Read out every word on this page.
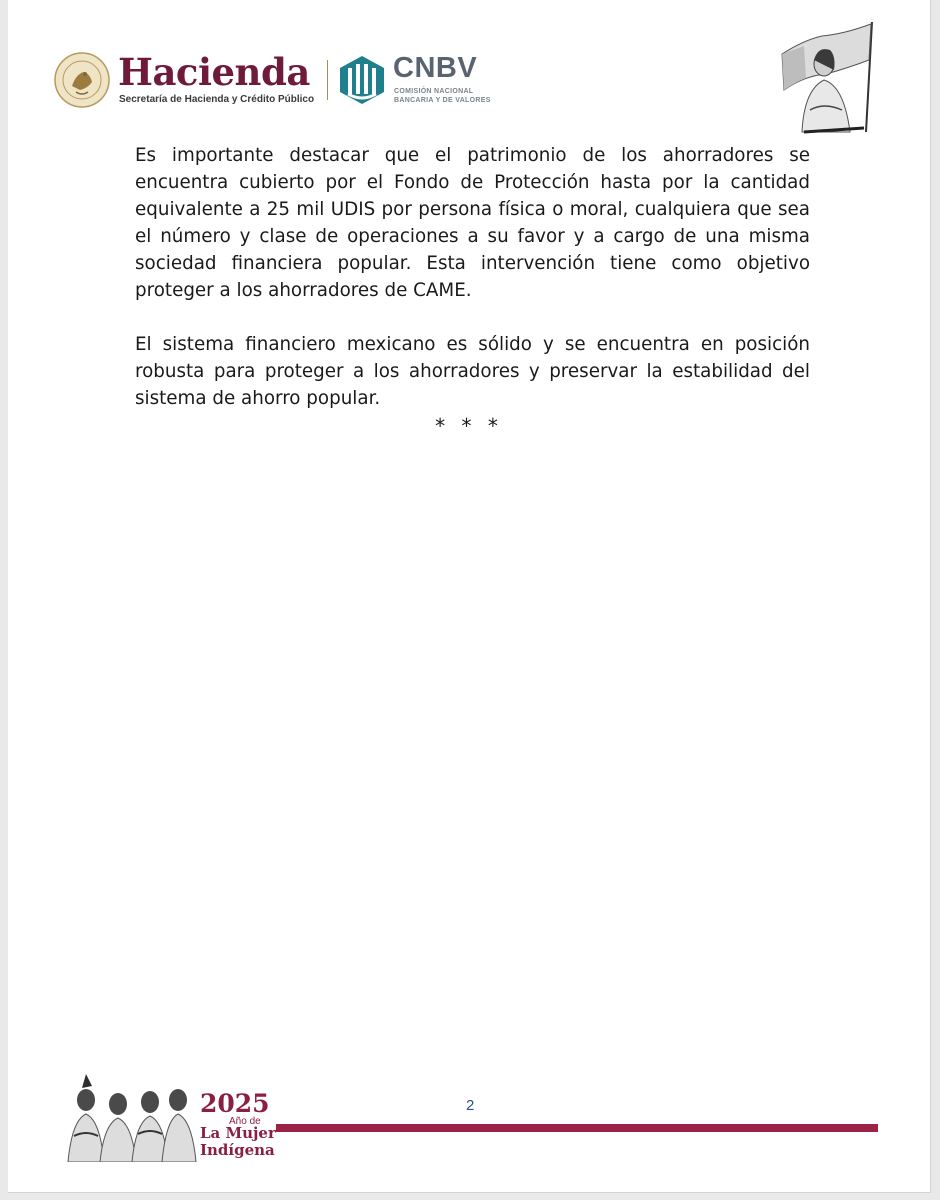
Hacienda
Secretaría de Hacienda y Crédito Público
CNBV
COMISIÓN NACIONAL
BANCARIA Y DE VALORES

Es importante destacar que el patrimonio de los ahorradores se encuentra cubierto por el Fondo de Protección hasta por la cantidad equivalente a 25 mil UDIS por persona física o moral, cualquiera que sea el número y clase de operaciones a su favor y a cargo de una misma sociedad financiera popular. Esta intervención tiene como objetivo proteger a los ahorradores de CAME.

El sistema financiero mexicano es sólido y se encuentra en posición robusta para proteger a los ahorradores y preservar la estabilidad del sistema de ahorro popular.

* * *
2025
Año de
La Mujer
Indígena
2
